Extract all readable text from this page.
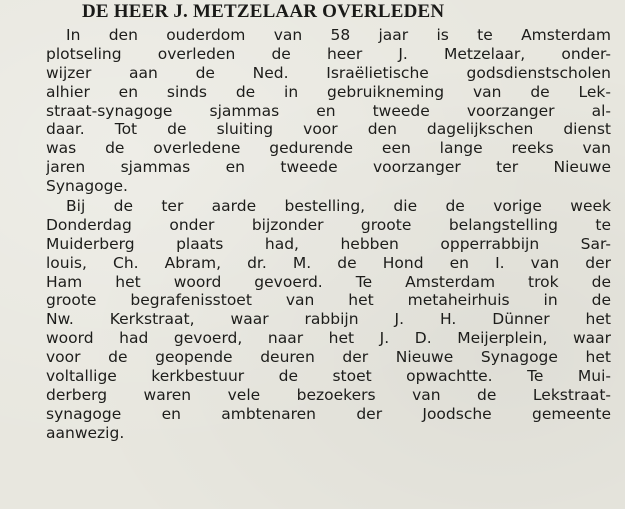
DE HEER J. METZELAAR OVERLEDEN
In den ouderdom van 58 jaar is te Amsterdam
plotseling overleden de heer J. Metzelaar, onder-
wijzer aan de Ned. Israëlietische godsdienstscholen
alhier en sinds de in gebruikneming van de Lek-
straat-synagoge sjammas en tweede voorzanger al-
daar. Tot de sluiting voor den dagelijkschen dienst
was de overledene gedurende een lange reeks van
jaren sjammas en tweede voorzanger ter Nieuwe
Synagoge.
Bij de ter aarde bestelling, die de vorige week
Donderdag onder bijzonder groote belangstelling te
Muiderberg plaats had, hebben opperrabbijn Sar-
louis, Ch. Abram, dr. M. de Hond en I. van der
Ham het woord gevoerd. Te Amsterdam trok de
groote begrafenisstoet van het metaheirhuis in de
Nw. Kerkstraat, waar rabbijn J. H. Dünner het
woord had gevoerd, naar het J. D. Meijerplein, waar
voor de geopende deuren der Nieuwe Synagoge het
voltallige kerkbestuur de stoet opwachtte. Te Mui-
derberg waren vele bezoekers van de Lekstraat-
synagoge en ambtenaren der Joodsche gemeente
aanwezig.
